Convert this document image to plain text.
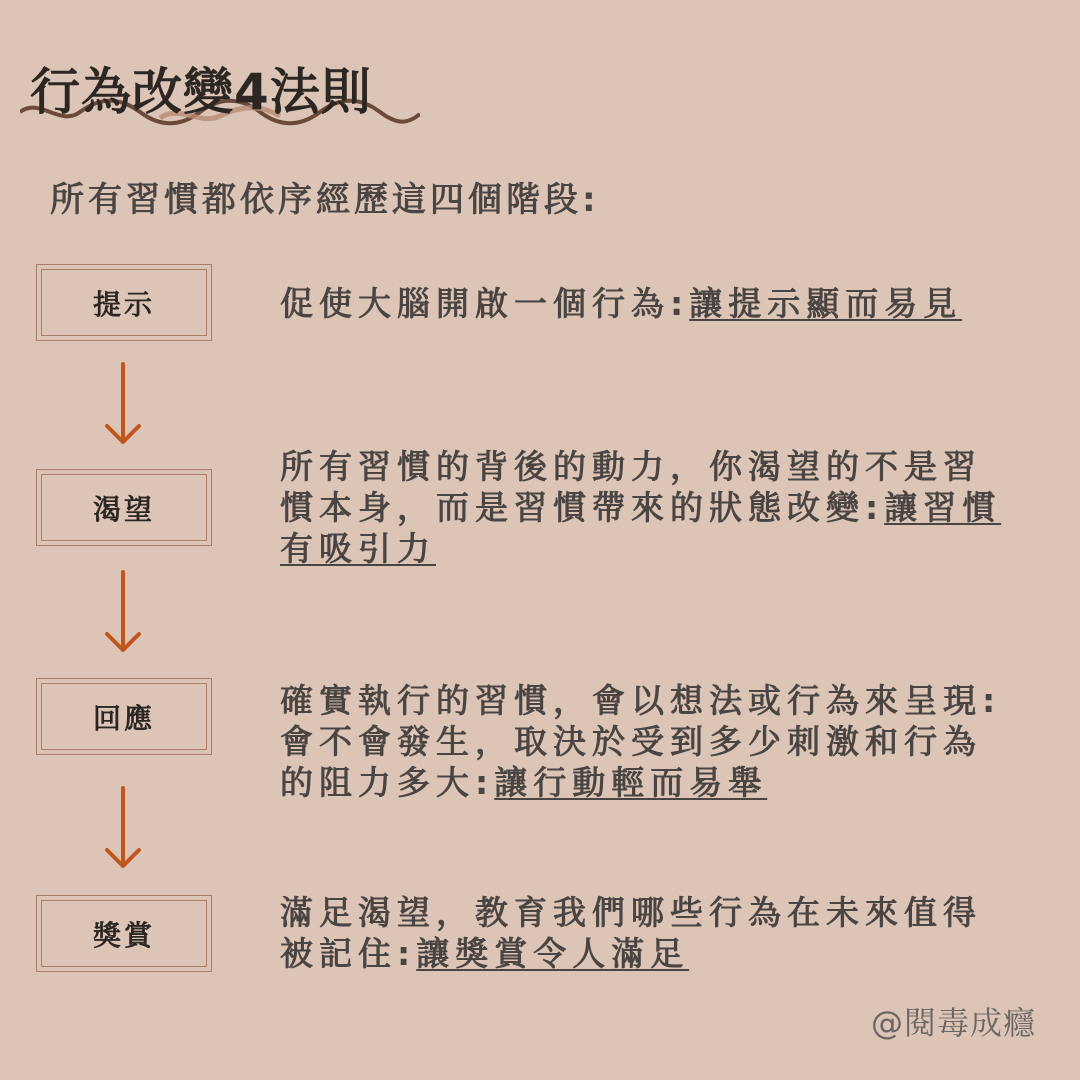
行為改變4法則
所有習慣都依序經歷這四個階段:
提示	促使大腦開啟一個行為:讓提示顯而易見
渴望
所有習慣的背後的動力，你渴望的不是習慣本身，而是習慣帶來的狀態改變:讓習慣有吸引力
回應	確實執行的習慣，會以想法或行為來呈現:會不會發生，取決於受到多少刺激和行為的阻力多大:讓行動輕而易舉
獎賞
滿足渴望，教育我們哪些行為在未來值得被記住:讓獎賞令人滿足
@閱毒成癮
